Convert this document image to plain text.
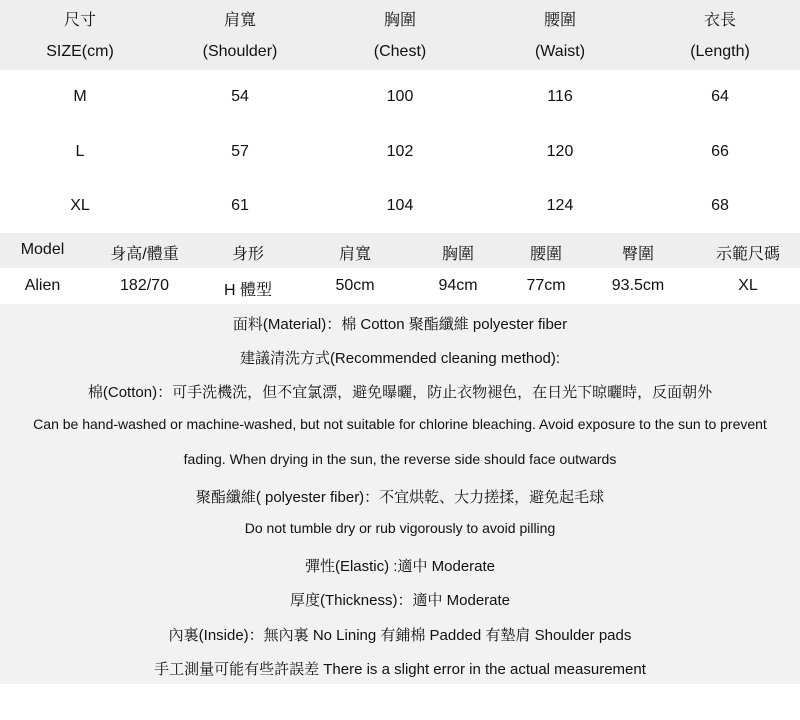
尺寸	肩寬	胸圍	腰圍	衣長
SIZE(cm)	(Shoulder)	(Chest)	(Waist)	(Length)
M	54	100	116	64
L	57	102	120	66
XL	61	104	124	68
Model	身高/體重	身形	肩寬	胸圍	腰圍	臀圍	示範尺碼
Alien	182/70	H 體型	50cm	94cm	77cm	93.5cm	XL
面料(Material)：棉 Cotton 聚酯纖維 polyester fiber
建議清洗方式(Recommended cleaning method):
棉(Cotton)：可手洗機洗，但不宜氯漂，避免曝曬，防止衣物褪色，在日光下晾曬時，反面朝外
Can be hand-washed or machine-washed, but not suitable for chlorine bleaching. Avoid exposure to the sun to prevent
fading. When drying in the sun, the reverse side should face outwards
聚酯纖維( polyester fiber)：不宜烘乾、大力搓揉，避免起毛球
Do not tumble dry or rub vigorously to avoid pilling
彈性(Elastic) :適中 Moderate
厚度(Thickness)：適中 Moderate
內裏(Inside)：無內裏 No Lining 有鋪棉 Padded 有墊肩 Shoulder pads
手工測量可能有些許誤差 There is a slight error in the actual measurement
